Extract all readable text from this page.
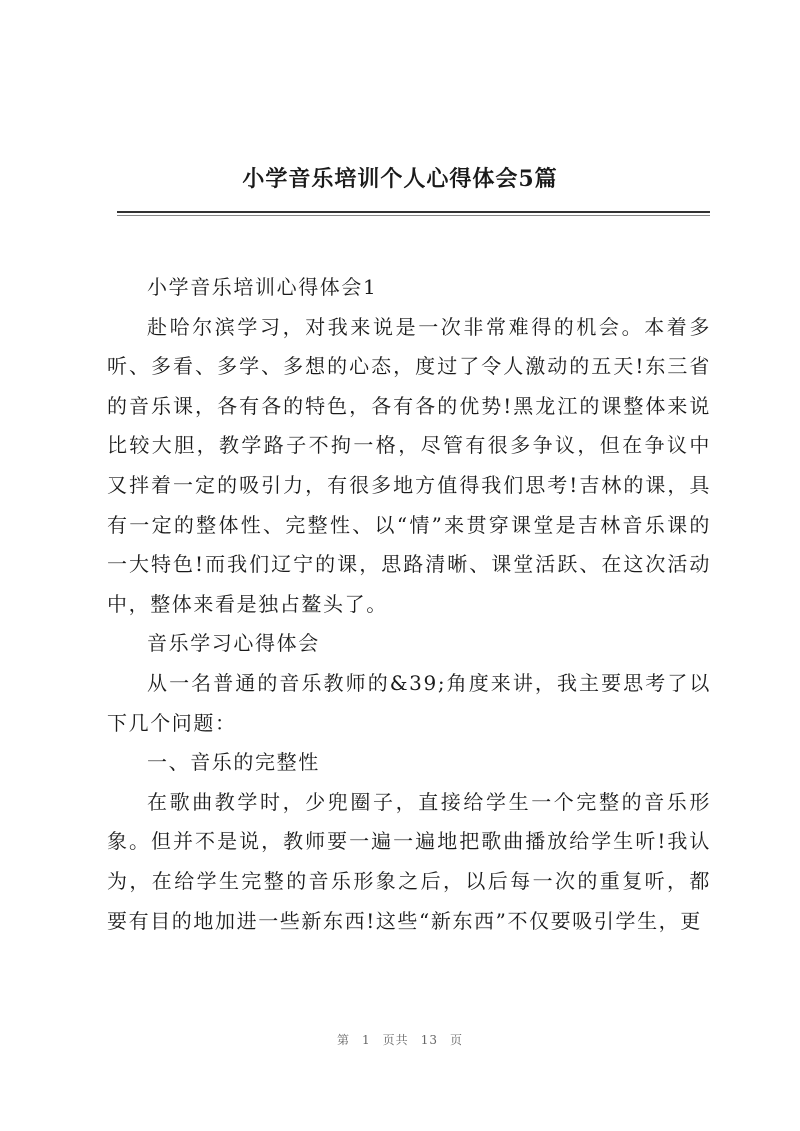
小学音乐培训个人心得体会5篇

小学音乐培训心得体会1

赴哈尔滨学习，对我来说是一次非常难得的机会。本着多听、多看、多学、多想的心态，度过了令人激动的五天!东三省的音乐课，各有各的特色，各有各的优势!黑龙江的课整体来说比较大胆，教学路子不拘一格，尽管有很多争议，但在争议中又拌着一定的吸引力，有很多地方值得我们思考!吉林的课，具有一定的整体性、完整性、以“情”来贯穿课堂是吉林音乐课的一大特色!而我们辽宁的课，思路清晰、课堂活跃、在这次活动中，整体来看是独占鳌头了。

音乐学习心得体会

从一名普通的音乐教师的&39;角度来讲，我主要思考了以下几个问题：

一、音乐的完整性

在歌曲教学时，少兜圈子，直接给学生一个完整的音乐形象。但并不是说，教师要一遍一遍地把歌曲播放给学生听!我认为，在给学生完整的音乐形象之后，以后每一次的重复听，都要有目的地加进一些新东西!这些“新东西”不仅要吸引学生，更

第 1 页共 13 页
